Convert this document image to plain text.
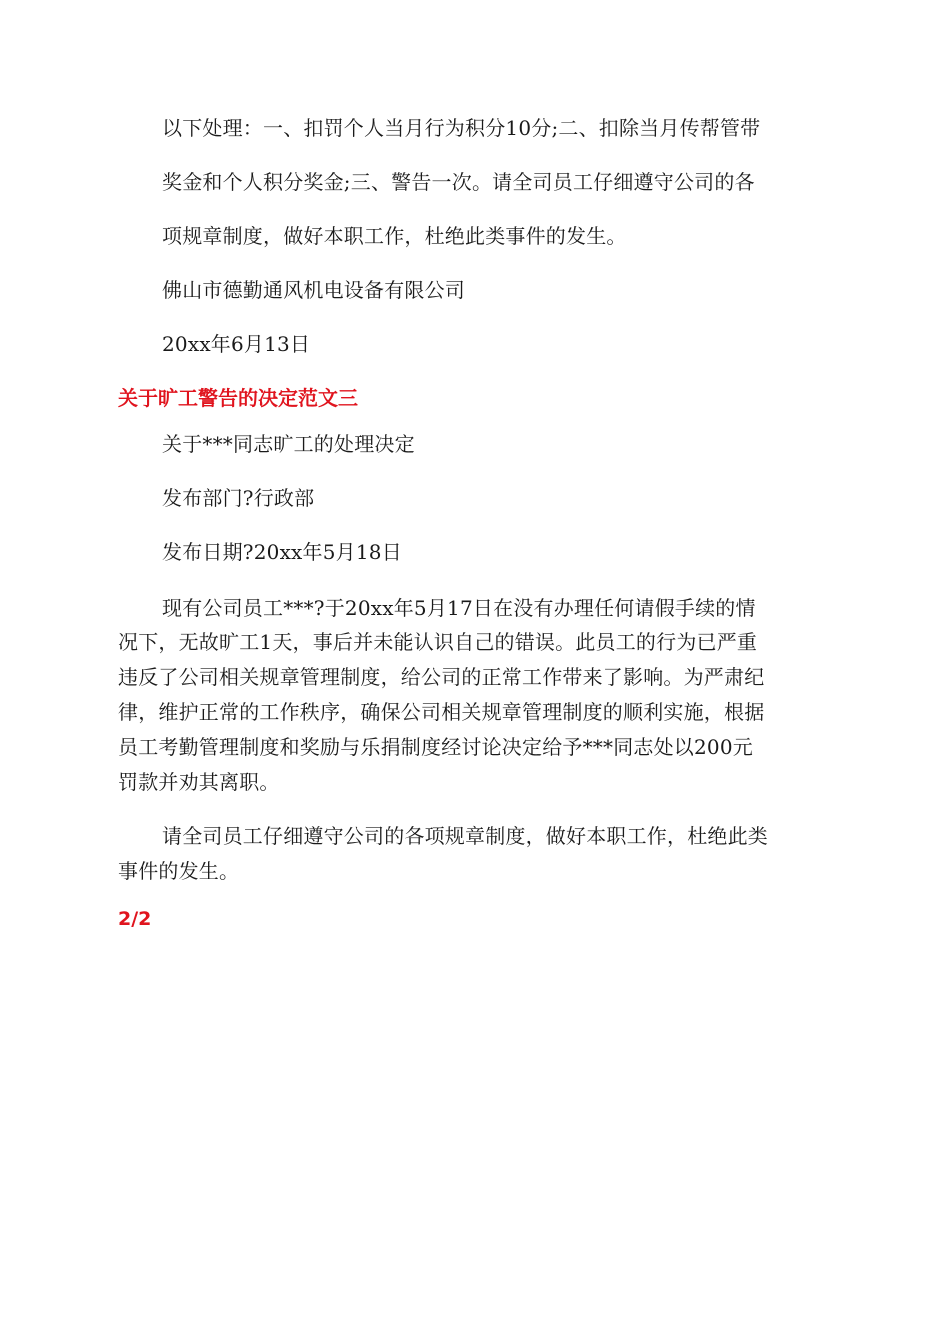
以下处理：一、扣罚个人当月行为积分10分;二、扣除当月传帮管带
奖金和个人积分奖金;三、警告一次。请全司员工仔细遵守公司的各
项规章制度，做好本职工作，杜绝此类事件的发生。
佛山市德勤通风机电设备有限公司
20xx年6月13日
关于旷工警告的决定范文三
关于***同志旷工的处理决定
发布部门?行政部
发布日期?20xx年5月18日
现有公司员工***?于20xx年5月17日在没有办理任何请假手续的情
况下，无故旷工1天，事后并未能认识自己的错误。此员工的行为已严重
违反了公司相关规章管理制度，给公司的正常工作带来了影响。为严肃纪
律，维护正常的工作秩序，确保公司相关规章管理制度的顺利实施，根据
员工考勤管理制度和奖励与乐捐制度经讨论决定给予***同志处以200元
罚款并劝其离职。
请全司员工仔细遵守公司的各项规章制度，做好本职工作，杜绝此类
事件的发生。
2/2
